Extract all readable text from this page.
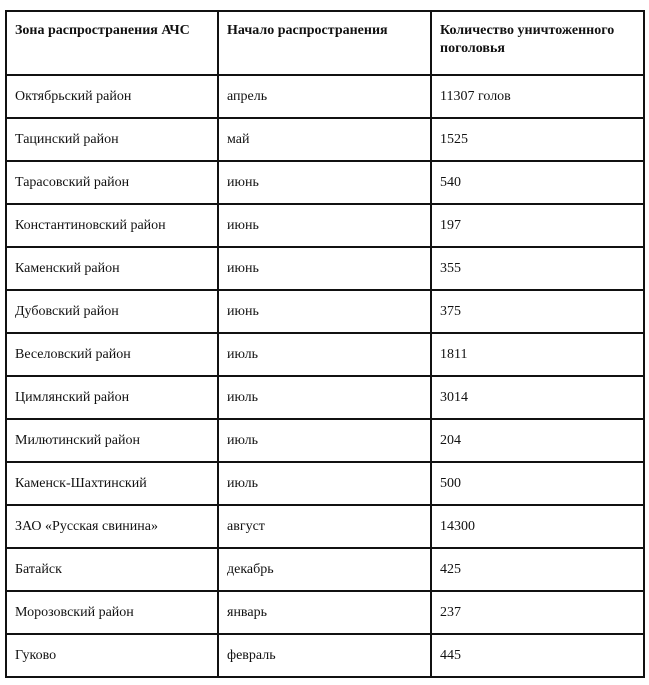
Зона распространения АЧС	Начало распространения	Количество уничтоженного поголовья
Октябрьский район	апрель	11307 голов
Тацинский район	май	1525
Тарасовский район	июнь	540
Константиновский район	июнь	197
Каменский район	июнь	355
Дубовский район	июнь	375
Веселовский район	июль	1811
Цимлянский район	июль	3014
Милютинский район	июль	204
Каменск-Шахтинский	июль	500
ЗАО «Русская свинина»	август	14300
Батайск	декабрь	425
Морозовский район	январь	237
Гуково	февраль	445
